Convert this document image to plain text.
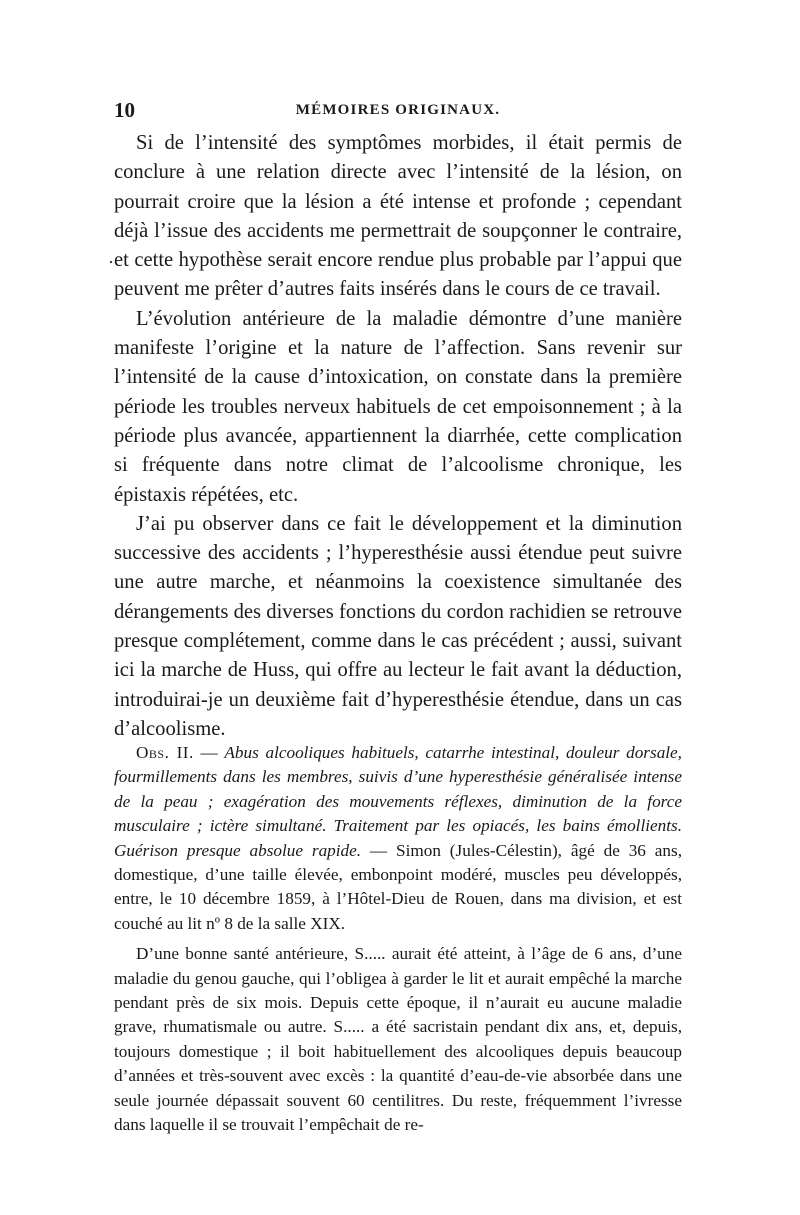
10	MÉMOIRES ORIGINAUX.
·

Si de l’intensité des symptômes morbides, il était permis de conclure à une relation directe avec l’intensité de la lésion, on pourrait croire que la lésion a été intense et profonde ; cependant déjà l’issue des accidents me permettrait de soupçonner le contraire, et cette hypothèse serait encore rendue plus probable par l’appui que peuvent me prêter d’autres faits insérés dans le cours de ce travail.

L’évolution antérieure de la maladie démontre d’une manière manifeste l’origine et la nature de l’affection. Sans revenir sur l’intensité de la cause d’intoxication, on constate dans la première période les troubles nerveux habituels de cet empoisonnement ; à la période plus avancée, appartiennent la diarrhée, cette complication si fréquente dans notre climat de l’alcoolisme chronique, les épistaxis répétées, etc.

J’ai pu observer dans ce fait le développement et la diminution successive des accidents ; l’hyperesthésie aussi étendue peut suivre une autre marche, et néanmoins la coexistence simultanée des dérangements des diverses fonctions du cordon rachidien se retrouve presque complétement, comme dans le cas précédent ; aussi, suivant ici la marche de Huss, qui offre au lecteur le fait avant la déduction, introduirai-je un deuxième fait d’hyperesthésie étendue, dans un cas d’alcoolisme.

Obs. II. — Abus alcooliques habituels, catarrhe intestinal, douleur dorsale, fourmillements dans les membres, suivis d’une hyperesthésie généralisée intense de la peau ; exagération des mouvements réflexes, diminution de la force musculaire ; ictère simultané. Traitement par les opiacés, les bains émollients. Guérison presque absolue rapide. — Simon (Jules-Célestin), âgé de 36 ans, domestique, d’une taille élevée, embonpoint modéré, muscles peu développés, entre, le 10 décembre 1859, à l’Hôtel-Dieu de Rouen, dans ma division, et est couché au lit nº 8 de la salle XIX.

D’une bonne santé antérieure, S..... aurait été atteint, à l’âge de 6 ans, d’une maladie du genou gauche, qui l’obligea à garder le lit et aurait empêché la marche pendant près de six mois. Depuis cette époque, il n’aurait eu aucune maladie grave, rhumatismale ou autre. S..... a été sacristain pendant dix ans, et, depuis, toujours domestique ; il boit habituellement des alcooliques depuis beaucoup d’années et très-souvent avec excès : la quantité d’eau-de-vie absorbée dans une seule journée dépassait souvent 60 centilitres. Du reste, fréquemment l’ivresse dans laquelle il se trouvait l’empêchait de re-
